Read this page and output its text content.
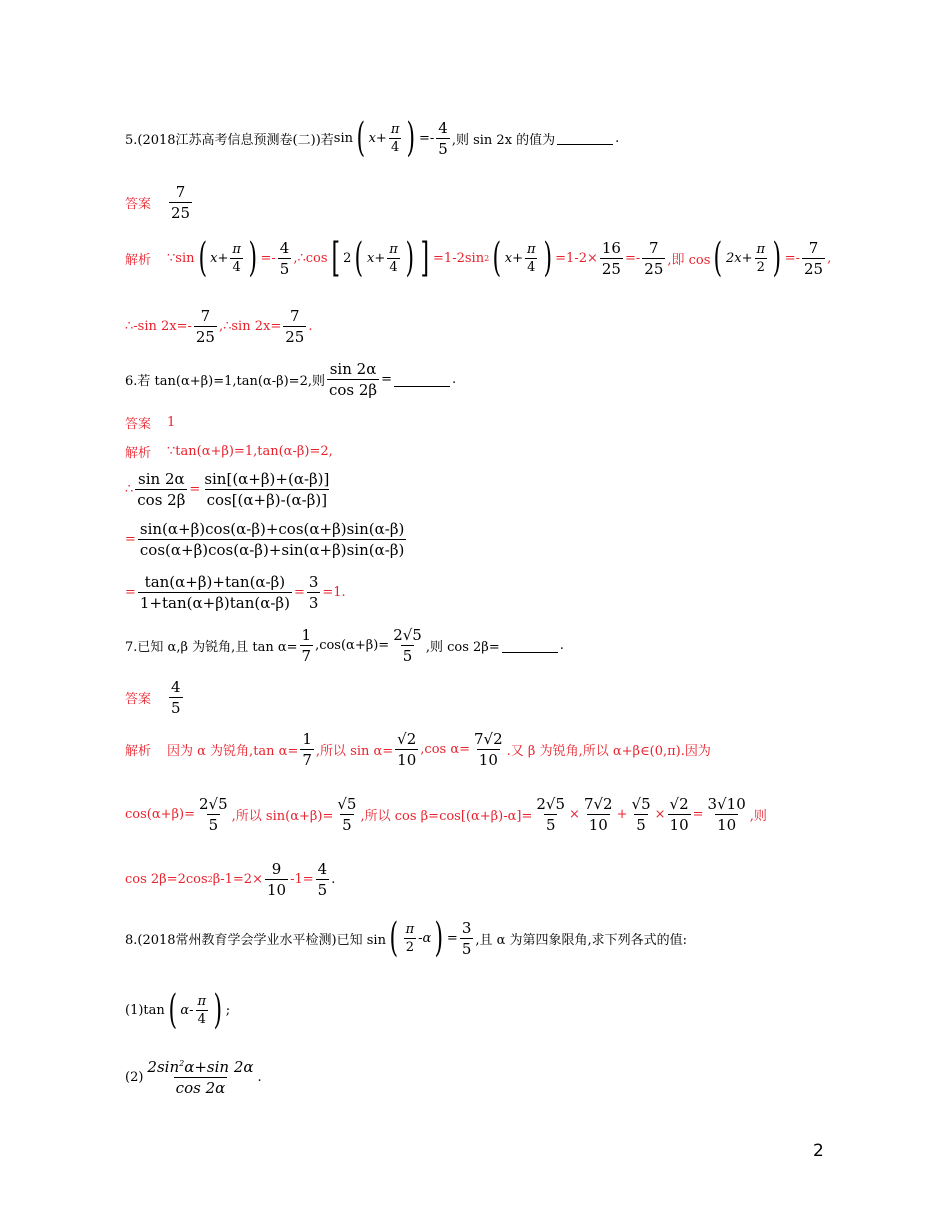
5.(2018江苏高考信息预测卷(二))若 sin ( $x+ \frac{\pi}{4}$ ) =- $\frac{4}{5}$ ,则 sin 2x 的值为	.
答案 $\frac{7}{25}$
解析 ∵sin ( $x+ \frac{\pi}{4}$ ) =- $\frac{4}{5}$ ,∴cos [ 2 ( $x+ \frac{\pi}{4}$ ) ] =1-2sin 2 ( $x+ \frac{\pi}{4}$ ) $=1-2\times \frac{16}{25} =- \frac{7}{25}$ ,即 cos ( $2x+ \frac{\pi}{2}$ ) =- $\frac{7}{25}$ ,
∴-sin $2x=- \frac{7}{25}$ ,∴sin $2x= \frac{7}{25}$ .
6.若 tan(α+β)=1,tan(α-β)=2,则 $\frac{\sin 2\alpha}{\cos 2\beta}$ =	.
答案 1
解析 ∵tan(α+β)=1,tan(α-β)=2,
∴ $\frac{\sin 2\alpha}{\cos 2\beta} = \frac{\sin[(\alpha+\beta)+(\alpha-\beta)]}{\cos[(\alpha+\beta)-(\alpha-\beta)]}$
= $\frac{\sin(\alpha+\beta)\cos(\alpha-\beta)+\cos(\alpha+\beta)\sin(\alpha-\beta)}{\cos(\alpha+\beta)\cos(\alpha-\beta)+\sin(\alpha+\beta)\sin(\alpha-\beta)}$
= $\frac{\tan(\alpha+\beta)+\tan(\alpha-\beta)}{1+\tan(\alpha+\beta)\tan(\alpha-\beta)} = \frac{3}{3} =1$.
7.已知 α,β 为锐角,且 $\tan \alpha= \frac{1}{7} ,\cos(\alpha+\beta)= \frac{2√5}{5}$ ,则 cos 2β=	.
答案 $\frac{4}{5}$
解析 因为 α 为锐角,tan $\alpha= \frac{1}{7}$ ,所以 $\sin \alpha= \frac{√2}{10} ,\cos$ $\alpha= \frac{7√2}{10}$ .又 β 为锐角,所以 α+β∈(0,π).因为
$\cos(\alpha+\beta)= \frac{2√5}{5}$ ,所以 $\sin(\alpha+\beta)= \frac{√5}{5}$ ,所以 $\cos \beta=\cos[(\alpha+\beta)-\alpha]= \frac{2√5}{5} \times \frac{7√2}{10} + \frac{√5}{5} \times \frac{√2}{10} = \frac{3√10}{10}$ ,则
cos 2β=2cos 2 $\beta-1=2\times \frac{9}{10} -1= \frac{4}{5}$ .
8.(2018常州教育学会学业水平检测)已知 sin ( $\frac{\pi}{2} -\alpha$ ) = $\frac{3}{5}$ ,且 α 为第四象限角,求下列各式的值:
(1)tan ( $\alpha- \frac{\pi}{4}$ ) ;
$(2) \frac{2\sin^2\alpha+\sin 2\alpha}{\cos 2\alpha}$ .
2
